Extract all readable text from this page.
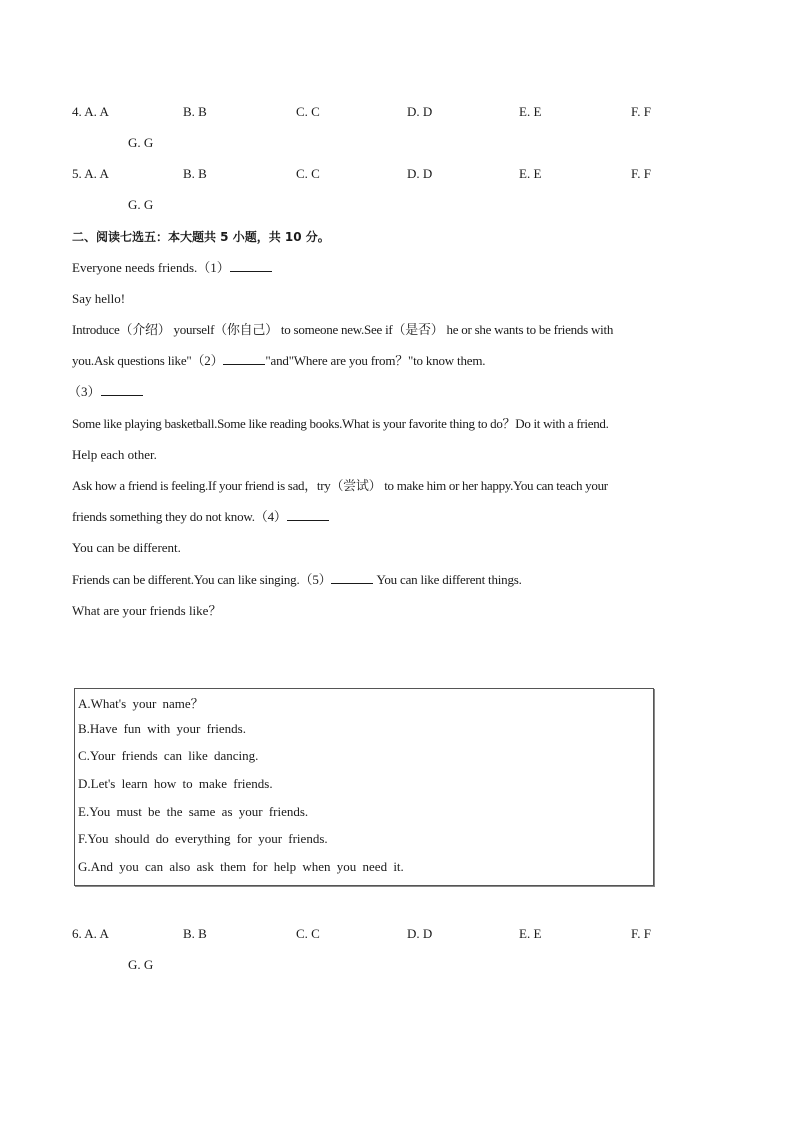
4. A. A	B. B	C. C	D. D	E. E	F. F
G. G
5. A. A	B. B	C. C	D. D	E. E	F. F
G. G
二、阅读七选五：本大题共 5 小题，共 10 分。
Everyone needs friends.（1）
Say hello!
Introduce（介绍） yourself（你自己） to someone new.See if（是否） he or she wants to be friends with
you.Ask questions like"（2）	"and"Where are you from？"to know them.
（3）
Some like playing basketball.Some like reading books.What is your favorite thing to do？Do it with a friend.
Help each other.
Ask how a friend is feeling.If your friend is sad，try（尝试） to make him or her happy.You can teach your
friends something they do not know.（4）
You can be different.
Friends can be different.You can like singing.（5）	You can like different things.
What are your friends like？
A.What's your name？
B.Have fun with your friends.
C.Your friends can like dancing.
D.Let's learn how to make friends.
E.You must be the same as your friends.
F.You should do everything for your friends.
G.And you can also ask them for help when you need it.
6. A. A	B. B	C. C	D. D	E. E	F. F
G. G
